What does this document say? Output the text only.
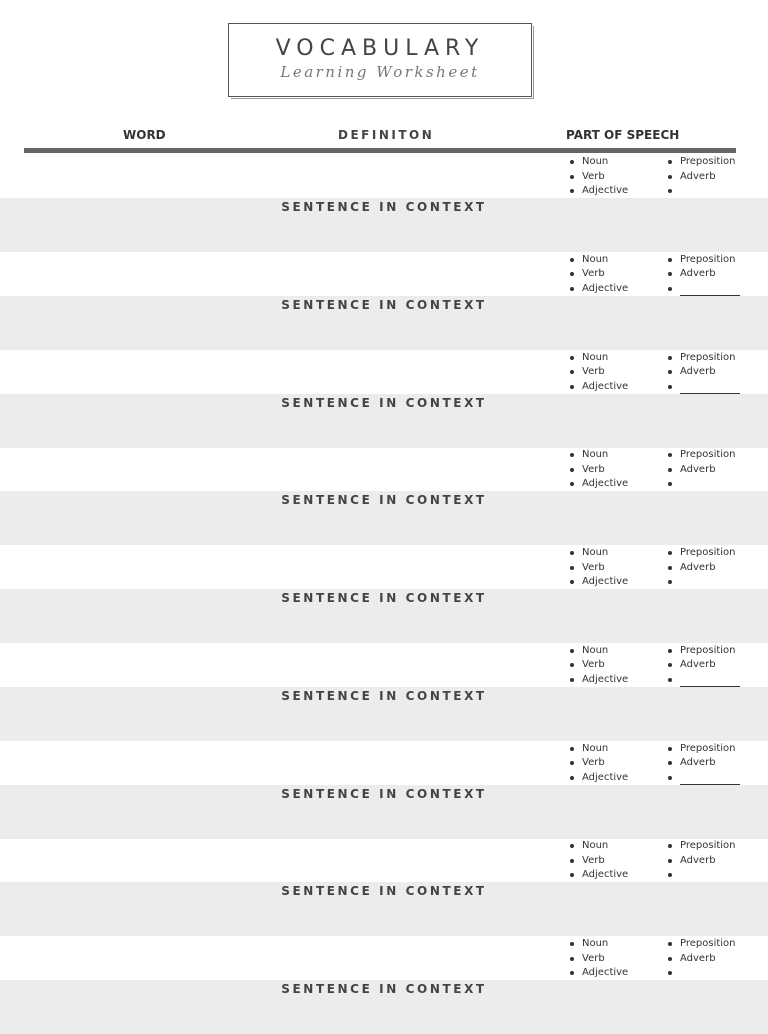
VOCABULARY
Learning Worksheet
WORD	DEFINITON	PART OF SPEECH
Noun
Verb
Adjective
Preposition
Adverb
SENTENCE IN CONTEXT
Noun
Verb
Adjective
Preposition
Adverb
SENTENCE IN CONTEXT
Noun
Verb
Adjective
Preposition
Adverb
SENTENCE IN CONTEXT
Noun
Verb
Adjective
Preposition
Adverb
SENTENCE IN CONTEXT
Noun
Verb
Adjective
Preposition
Adverb
SENTENCE IN CONTEXT
Noun
Verb
Adjective
Preposition
Adverb
SENTENCE IN CONTEXT
Noun
Verb
Adjective
Preposition
Adverb
SENTENCE IN CONTEXT
Noun
Verb
Adjective
Preposition
Adverb
SENTENCE IN CONTEXT
Noun
Verb
Adjective
Preposition
Adverb
SENTENCE IN CONTEXT
